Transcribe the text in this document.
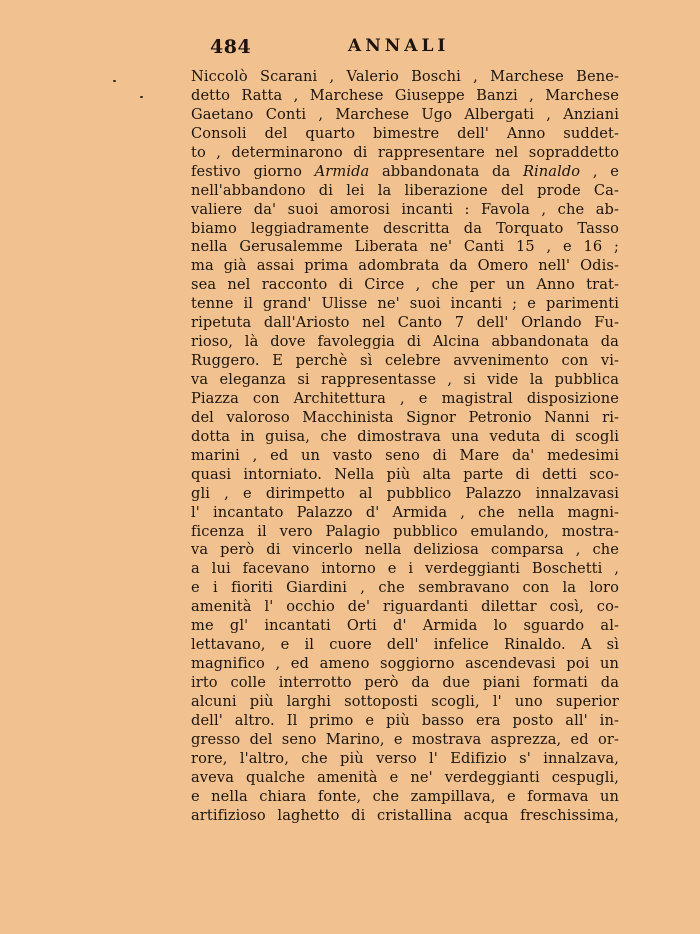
484	ANNALI
Niccolò Scarani , Valerio Boschi , Marchese Bene-
detto Ratta , Marchese Giuseppe Banzi , Marchese
Gaetano Conti , Marchese Ugo Albergati , Anziani
Consoli del quarto bimestre dell' Anno suddet-
to , determinarono di rappresentare nel sopraddetto
festivo giorno Armida abbandonata da Rinaldo , e
nell'abbandono di lei la liberazione del prode Ca-
valiere da' suoi amorosi incanti : Favola , che ab-
biamo leggiadramente descritta da Torquato Tasso
nella Gerusalemme Liberata ne' Canti 15 , e 16 ;
ma già assai prima adombrata da Omero nell' Odis-
sea nel racconto di Circe , che per un Anno trat-
tenne il grand' Ulisse ne' suoi incanti ; e parimenti
ripetuta dall'Ariosto nel Canto 7 dell' Orlando Fu-
rioso, là dove favoleggia di Alcina abbandonata da
Ruggero. E perchè sì celebre avvenimento con vi-
va eleganza si rappresentasse , si vide la pubblica
Piazza con Architettura , e magistral disposizione
del valoroso Macchinista Signor Petronio Nanni ri-
dotta in guisa, che dimostrava una veduta di scogli
marini , ed un vasto seno di Mare da' medesimi
quasi intorniato. Nella più alta parte di detti sco-
gli , e dirimpetto al pubblico Palazzo innalzavasi
l' incantato Palazzo d' Armida , che nella magni-
ficenza il vero Palagio pubblico emulando, mostra-
va però di vincerlo nella deliziosa comparsa , che
a lui facevano intorno e i verdeggianti Boschetti ,
e i fioriti Giardini , che sembravano con la loro
amenità l' occhio de' riguardanti dilettar così, co-
me gl' incantati Orti d' Armida lo sguardo al-
lettavano, e il cuore dell' infelice Rinaldo. A sì
magnifico , ed ameno soggiorno ascendevasi poi un
irto colle interrotto però da due piani formati da
alcuni più larghi sottoposti scogli, l' uno superior
dell' altro. Il primo e più basso era posto all' in-
gresso del seno Marino, e mostrava asprezza, ed or-
rore, l'altro, che più verso l' Edifizio s' innalzava,
aveva qualche amenità e ne' verdeggianti cespugli,
e nella chiara fonte, che zampillava, e formava un
artifizioso laghetto di cristallina acqua freschissima,
